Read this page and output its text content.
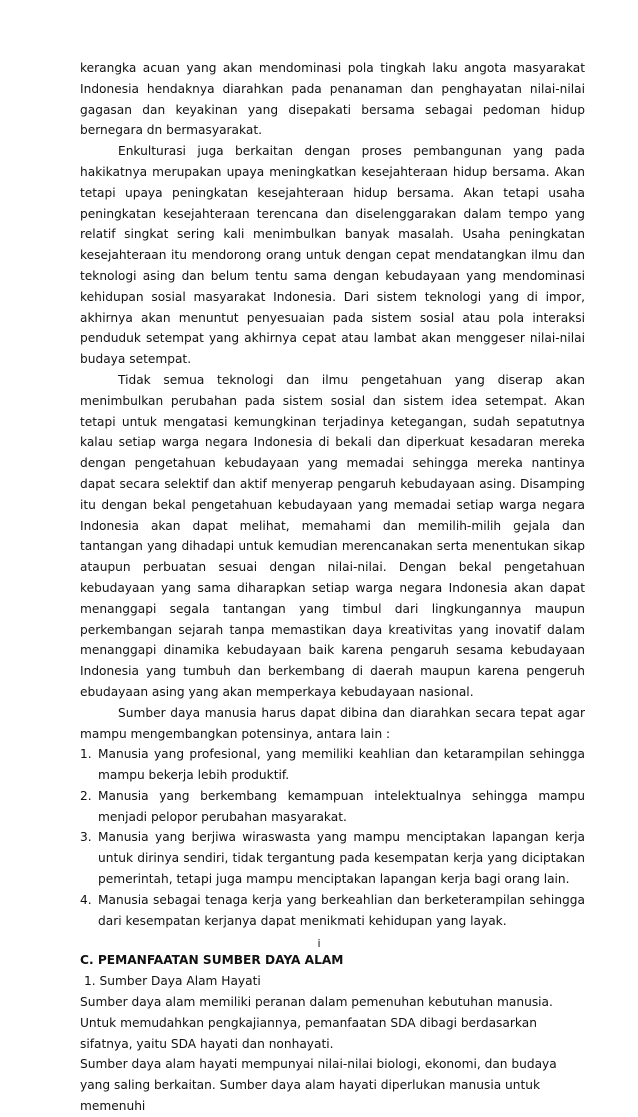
kerangka acuan yang akan mendominasi pola tingkah laku angota masyarakat Indonesia hendaknya diarahkan pada penanaman dan penghayatan nilai-nilai gagasan dan keyakinan yang disepakati bersama sebagai pedoman hidup bernegara dn bermasyarakat.

Enkulturasi juga berkaitan dengan proses pembangunan yang pada hakikatnya merupakan upaya meningkatkan kesejahteraan hidup bersama. Akan tetapi upaya peningkatan kesejahteraan hidup bersama. Akan tetapi usaha peningkatan kesejahteraan terencana dan diselenggarakan dalam tempo yang relatif singkat sering kali menimbulkan banyak masalah. Usaha peningkatan kesejahteraan itu mendorong orang untuk dengan cepat mendatangkan ilmu dan teknologi asing dan belum tentu sama dengan kebudayaan yang mendominasi kehidupan sosial masyarakat Indonesia. Dari sistem teknologi yang di impor, akhirnya akan menuntut penyesuaian pada sistem sosial atau pola interaksi penduduk setempat yang akhirnya cepat atau lambat akan menggeser nilai-nilai budaya setempat.

Tidak semua teknologi dan ilmu pengetahuan yang diserap akan menimbulkan perubahan pada sistem sosial dan sistem idea setempat. Akan tetapi untuk mengatasi kemungkinan terjadinya ketegangan, sudah sepatutnya kalau setiap warga negara Indonesia di bekali dan diperkuat kesadaran mereka dengan pengetahuan kebudayaan yang memadai sehingga mereka nantinya dapat secara selektif dan aktif menyerap pengaruh kebudayaan asing. Disamping itu dengan bekal pengetahuan kebudayaan yang memadai setiap warga negara Indonesia akan dapat melihat, memahami dan memilih-milih gejala dan tantangan yang dihadapi untuk kemudian merencanakan serta menentukan sikap ataupun perbuatan sesuai dengan nilai-nilai. Dengan bekal pengetahuan kebudayaan yang sama diharapkan setiap warga negara Indonesia akan dapat menanggapi segala tantangan yang timbul dari lingkungannya maupun perkembangan sejarah tanpa memastikan daya kreativitas yang inovatif dalam menanggapi dinamika kebudayaan baik karena pengaruh sesama kebudayaan Indonesia yang tumbuh dan berkembang di daerah maupun karena pengeruh ebudayaan asing yang akan memperkaya kebudayaan nasional.

Sumber daya manusia harus dapat dibina dan diarahkan secara tepat agar mampu mengembangkan potensinya, antara lain :

1. Manusia yang profesional, yang memiliki keahlian dan ketarampilan sehingga mampu bekerja lebih produktif.
2. Manusia yang berkembang kemampuan intelektualnya sehingga mampu menjadi pelopor perubahan masyarakat.
3. Manusia yang berjiwa wiraswasta yang mampu menciptakan lapangan kerja untuk dirinya sendiri, tidak tergantung pada kesempatan kerja yang diciptakan pemerintah, tetapi juga mampu menciptakan lapangan kerja bagi orang lain.
4. Manusia sebagai tenaga kerja yang berkeahlian dan berketerampilan sehingga dari kesempatan kerjanya dapat menikmati kehidupan yang layak.

C. PEMANFAATAN SUMBER DAYA ALAM

1. Sumber Daya Alam Hayati

Sumber daya alam memiliki peranan dalam pemenuhan kebutuhan manusia. Untuk memudahkan pengkajiannya, pemanfaatan SDA dibagi berdasarkan sifatnya, yaitu SDA hayati dan nonhayati.

Sumber daya alam hayati mempunyai nilai-nilai biologi, ekonomi, dan budaya yang saling berkaitan. Sumber daya alam hayati diperlukan manusia untuk memenuhi

i
